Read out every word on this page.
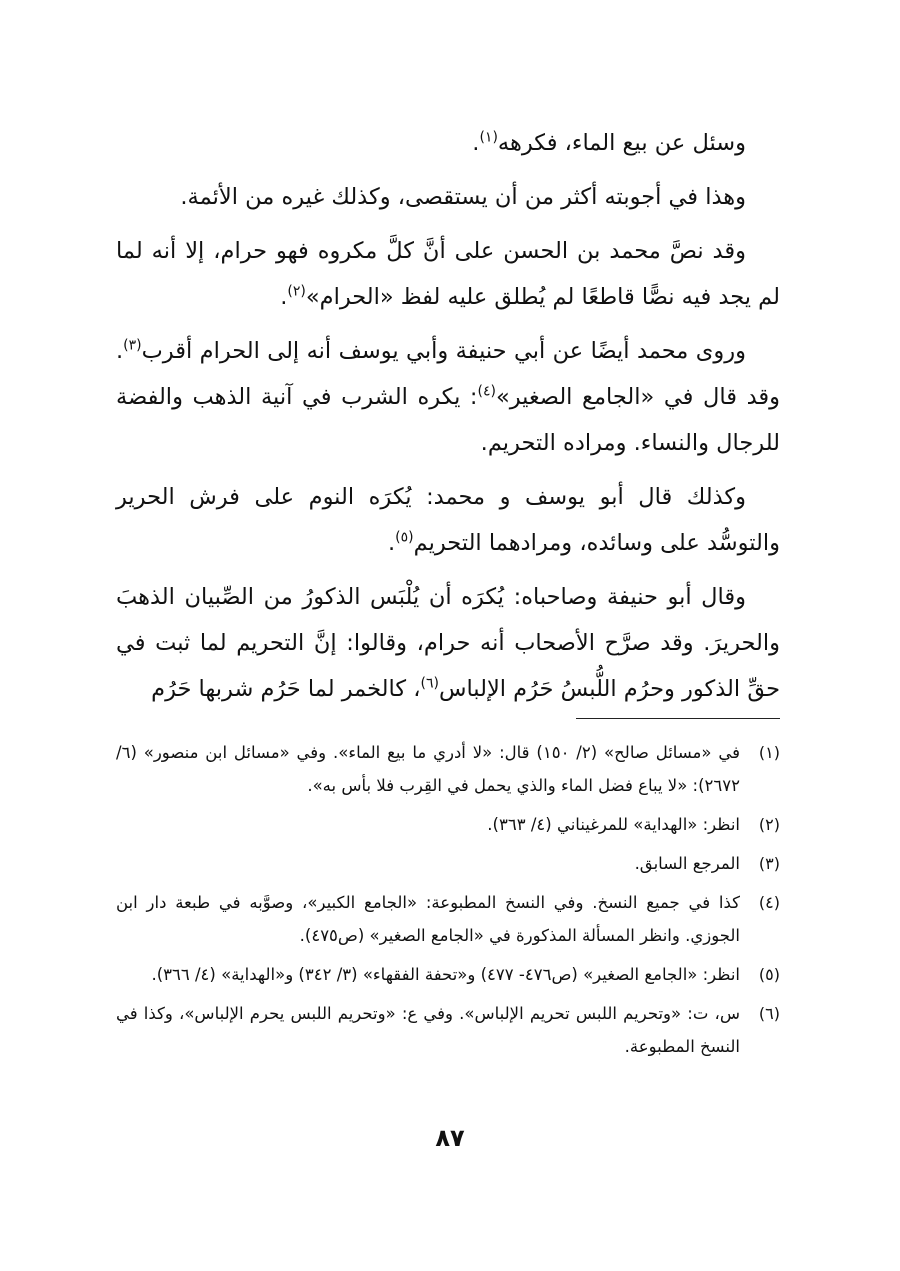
وسئل عن بيع الماء، فكرهه$^{(١)}$.

وهذا في أجوبته أكثر من أن يستقصى، وكذلك غيره من الأئمة.

وقد نصَّ محمد بن الحسن على أنَّ كلَّ مكروه فهو حرام، إلا أنه لما لم يجد فيه نصًّا قاطعًا لم يُطلق عليه لفظ «الحرام»$^{(٢)}$.

وروى محمد أيضًا عن أبي حنيفة وأبي يوسف أنه إلى الحرام أقرب$^{(٣)}$. وقد قال في «الجامع الصغير»$^{(٤)}$: يكره الشرب في آنية الذهب والفضة للرجال والنساء. ومراده التحريم.

وكذلك قال أبو يوسف و محمد: يُكرَه النوم على فرش الحرير والتوسُّد على وسائده، ومرادهما التحريم$^{(٥)}$.

وقال أبو حنيفة وصاحباه: يُكرَه أن يُلْبَس الذكورُ من الصِّبيان الذهبَ والحريرَ. وقد صرَّح الأصحاب أنه حرام، وقالوا: إنَّ التحريم لما ثبت في حقِّ الذكور وحرُم اللُّبسُ حَرُم الإلباس$^{(٦)}$، كالخمر لما حَرُم شربها حَرُم

(١)
في «مسائل صالح» (٢/ ١٥٠) قال: «لا أدري ما بيع الماء». وفي «مسائل ابن منصور» (٦/ ٢٦٧٢): «لا يباع فضل الماء والذي يحمل في القِرب فلا بأس به».
(٢)
انظر: «الهداية» للمرغيناني (٤/ ٣٦٣).
(٣)
المرجع السابق.
(٤)
كذا في جميع النسخ. وفي النسخ المطبوعة: «الجامع الكبير»، وصوَّبه في طبعة دار ابن الجوزي. وانظر المسألة المذكورة في «الجامع الصغير» (ص٤٧٥).
(٥)
انظر: «الجامع الصغير» (ص٤٧٦- ٤٧٧) و«تحفة الفقهاء» (٣/ ٣٤٢) و«الهداية» (٤/ ٣٦٦).
(٦)
س، ت: «وتحريم اللبس تحريم الإلباس». وفي ع: «وتحريم اللبس يحرم الإلباس»، وكذا في النسخ المطبوعة.
٨٧
